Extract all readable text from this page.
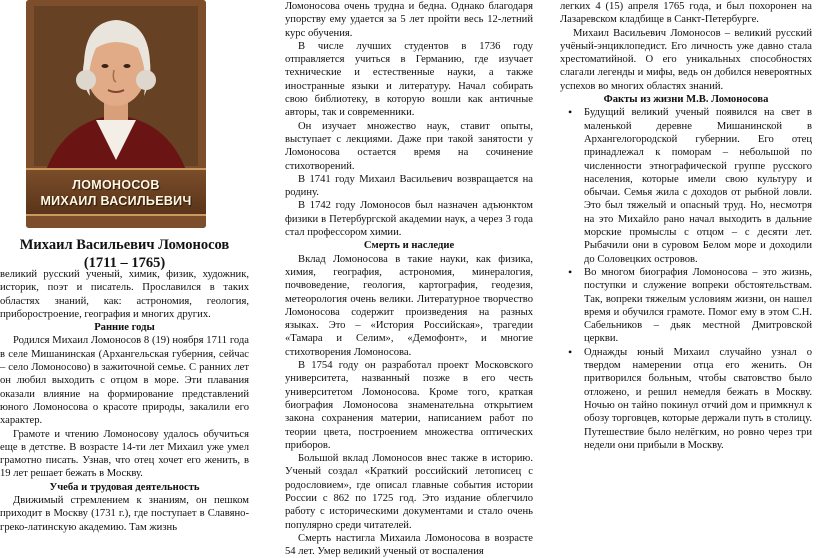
ЛОМОНОСОВ
МИХАИЛ ВАСИЛЬЕВИЧ
Михаил Васильевич Ломоносов
(1711 – 1765)

великий русский ученый, химик, физик, художник, историк, поэт и писатель. Прославился в таких областях знаний, как: астрономия, геология, приборостроение, география и многих других.

Ранние годы

Родился Михаил Ломоносов 8 (19) ноября 1711 года в селе Мишанинская (Архангельская губерния, сейчас – село Ломоносово) в зажиточной семье. С ранних лет он любил выходить с отцом в море. Эти плавания оказали влияние на формирование представлений юного Ломоносова о красоте природы, закалили его характер.

Грамоте и чтению Ломоносову удалось обучиться еще в детстве. В возрасте 14-ти лет Михаил уже умел грамотно писать. Узнав, что отец хочет его женить, в 19 лет решает бежать в Москву.

Учеба и трудовая деятельность

Движимый стремлением к знаниям, он пешком приходит в Москву (1731 г.), где поступает в Славяно-греко-латинскую академию. Там жизнь

Ломоносова очень трудна и бедна. Однако благодаря упорству ему удается за 5 лет пройти весь 12-летний курс обучения.

В числе лучших студентов в 1736 году отправляется учиться в Германию, где изучает технические и естественные науки, а также иностранные языки и литературу. Начал собирать свою библиотеку, в которую вошли как античные авторы, так и современники.

Он изучает множество наук, ставит опыты, выступает с лекциями. Даже при такой занятости у Ломоносова остается время на сочинение стихотворений.

В 1741 году Михаил Васильевич возвращается на родину.

В 1742 году Ломоносов был назначен адъюнктом физики в Петербургской академии наук, а через 3 года стал профессором химии.

Смерть и наследие

Вклад Ломоносова в такие науки, как физика, химия, география, астрономия, минералогия, почвоведение, геология, картография, геодезия, метеорология очень велики. Литературное творчество Ломоносова содержит произведения на разных языках. Это – «История Российская», трагедии «Тамара и Селим», «Демофонт», и многие стихотворения Ломоносова.

В 1754 году он разработал проект Московского университета, названный позже в его честь университетом Ломоносова. Кроме того, краткая биография Ломоносова знаменательна открытием закона сохранения материи, написанием работ по теории цвета, построением множества оптических приборов.

Большой вклад Ломоносов внес также в историю. Ученый создал «Краткий российский летописец с родословием», где описал главные события истории России с 862 по 1725 год. Это издание облегчило работу с историческими документами и стало очень популярно среди читателей.

Смерть настигла Михаила Ломоносова в возрасте 54 лет. Умер великий ученый от воспаления

легких 4 (15) апреля 1765 года, и был похоронен на Лазаревском кладбище в Санкт-Петербурге.

Михаил Васильевич Ломоносов – великий русский учёный-энциклопедист. Его личность уже давно стала хрестоматийной. О его уникальных способностях слагали легенды и мифы, ведь он добился невероятных успехов во многих областях знаний.

Факты из жизни М.В. Ломоносова

• Будущий великий ученый появился на свет в маленькой деревне Мишанинской в Архангелогородской губернии. Его отец принадлежал к поморам – небольшой по численности этнографической группе русского населения, которые имели свою культуру и обычаи. Семья жила с доходов от рыбной ловли. Это был тяжелый и опасный труд. Но, несмотря на это Михайло рано начал выходить в дальние морские промыслы с отцом – с десяти лет. Рыбачили они в суровом Белом море и доходили до Соловецких островов.
• Во многом биография Ломоносова – это жизнь, поступки и служение вопреки обстоятельствам. Так, вопреки тяжелым условиям жизни, он нашел время и обучился грамоте. Помог ему в этом С.Н. Сабельников – дьяк местной Дмитровской церкви.
• Однажды юный Михаил случайно узнал о твердом намерении отца его женить. Он притворился больным, чтобы сватовство было отложено, и решил немедля бежать в Москву. Ночью он тайно покинул отчий дом и примкнул к обозу торговцев, которые держали путь в столицу. Путешествие было нелёгким, но ровно через три недели они прибыли в Москву.
